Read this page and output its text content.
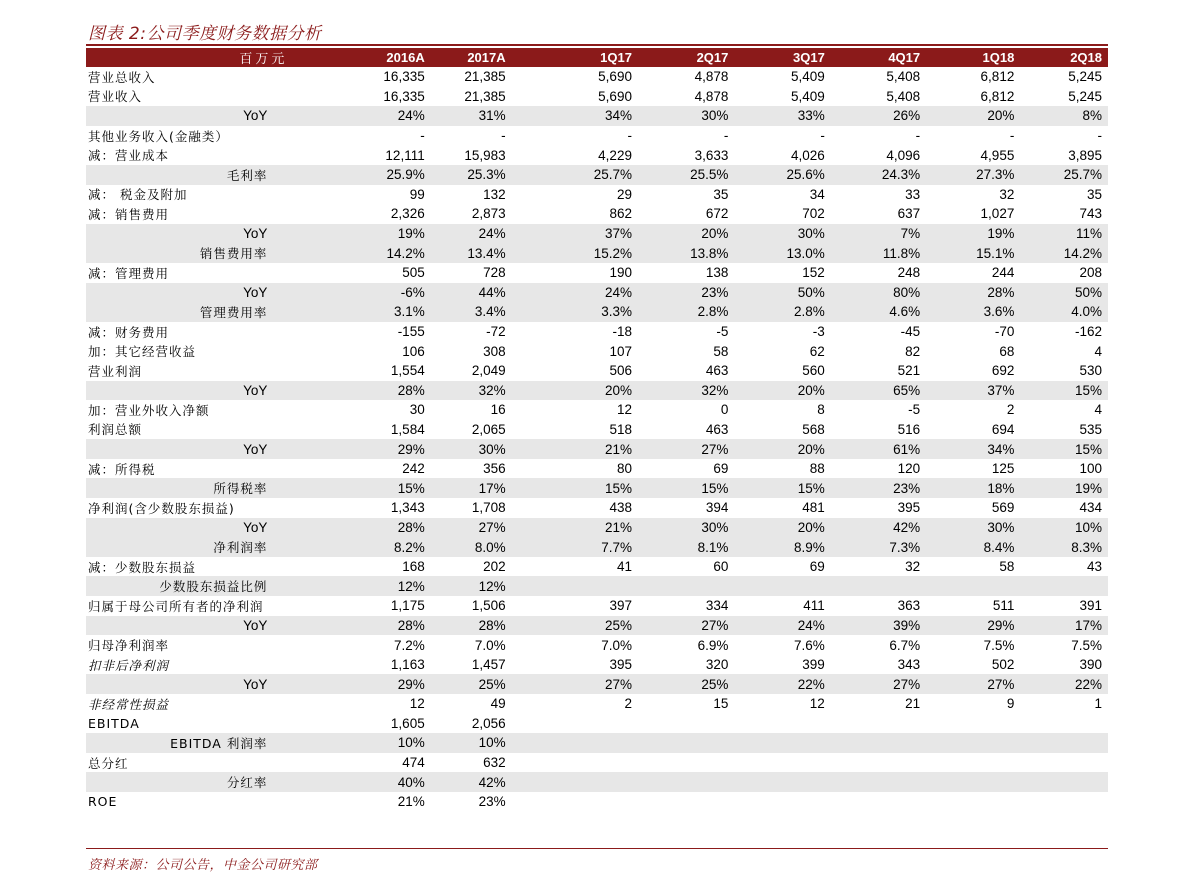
图表 2:公司季度财务数据分析
百万元	2016A	2017A		1Q17	2Q17	3Q17	4Q17	1Q18	2Q18
营业总收入	16,335	21,385		5,690	4,878	5,409	5,408	6,812	5,245
营业收入	16,335	21,385		5,690	4,878	5,409	5,408	6,812	5,245
YoY	24%	31%		34%	30%	33%	26%	20%	8%
其他业务收入(金融类）	-	-		-	-	-	-	-	-
减：营业成本	12,111	15,983		4,229	3,633	4,026	4,096	4,955	3,895
毛利率	25.9%	25.3%		25.7%	25.5%	25.6%	24.3%	27.3%	25.7%
减： 税金及附加	99	132		29	35	34	33	32	35
减：销售费用	2,326	2,873		862	672	702	637	1,027	743
YoY	19%	24%		37%	20%	30%	7%	19%	11%
销售费用率	14.2%	13.4%		15.2%	13.8%	13.0%	11.8%	15.1%	14.2%
减：管理费用	505	728		190	138	152	248	244	208
YoY	-6%	44%		24%	23%	50%	80%	28%	50%
管理费用率	3.1%	3.4%		3.3%	2.8%	2.8%	4.6%	3.6%	4.0%
减：财务费用	-155	-72		-18	-5	-3	-45	-70	-162
加：其它经营收益	106	308		107	58	62	82	68	4
营业利润	1,554	2,049		506	463	560	521	692	530
YoY	28%	32%		20%	32%	20%	65%	37%	15%
加：营业外收入净额	30	16		12	0	8	-5	2	4
利润总额	1,584	2,065		518	463	568	516	694	535
YoY	29%	30%		21%	27%	20%	61%	34%	15%
减：所得税	242	356		80	69	88	120	125	100
所得税率	15%	17%		15%	15%	15%	23%	18%	19%
净利润(含少数股东损益)	1,343	1,708		438	394	481	395	569	434
YoY	28%	27%		21%	30%	20%	42%	30%	10%
净利润率	8.2%	8.0%		7.7%	8.1%	8.9%	7.3%	8.4%	8.3%
减：少数股东损益	168	202		41	60	69	32	58	43
少数股东损益比例	12%	12%							
归属于母公司所有者的净利润	1,175	1,506		397	334	411	363	511	391
YoY	28%	28%		25%	27%	24%	39%	29%	17%
归母净利润率	7.2%	7.0%		7.0%	6.9%	7.6%	6.7%	7.5%	7.5%
扣非后净利润	1,163	1,457		395	320	399	343	502	390
YoY	29%	25%		27%	25%	22%	27%	27%	22%
非经常性损益	12	49		2	15	12	21	9	1
EBITDA	1,605	2,056							
EBITDA 利润率	10%	10%							
总分红	474	632							
分红率	40%	42%							
ROE	21%	23%							
资料来源：公司公告，中金公司研究部
